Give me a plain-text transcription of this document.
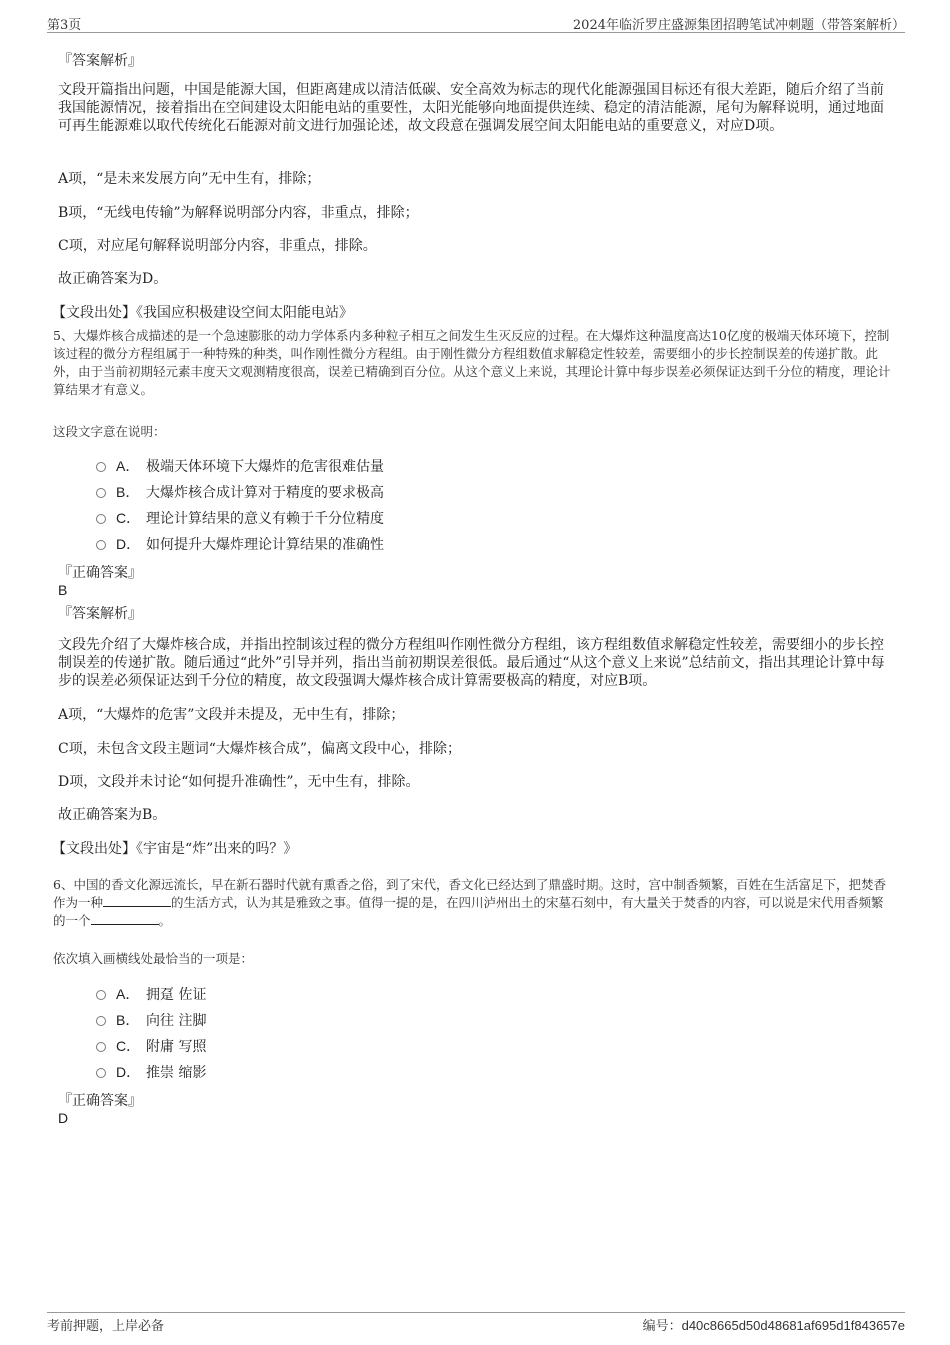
第3页	2024年临沂罗庄盛源集团招聘笔试冲刺题（带答案解析）
『答案解析』
文段开篇指出问题，中国是能源大国，但距离建成以清洁低碳、安全高效为标志的现代化能源强国目标还有很大差距，随后介绍了当前我国能源情况，接着指出在空间建设太阳能电站的重要性，太阳光能够向地面提供连续、稳定的清洁能源，尾句为解释说明，通过地面可再生能源难以取代传统化石能源对前文进行加强论述，故文段意在强调发展空间太阳能电站的重要意义，对应D项。
A项，“是未来发展方向”无中生有，排除；
B项，“无线电传输”为解释说明部分内容，非重点，排除；
C项，对应尾句解释说明部分内容，非重点，排除。
故正确答案为D。
【文段出处】《我国应积极建设空间太阳能电站》
5、大爆炸核合成描述的是一个急速膨胀的动力学体系内多种粒子相互之间发生生灭反应的过程。在大爆炸这种温度高达10亿度的极端天体环境下，控制该过程的微分方程组属于一种特殊的种类，叫作刚性微分方程组。由于刚性微分方程组数值求解稳定性较差，需要细小的步长控制误差的传递扩散。此外，由于当前初期轻元素丰度天文观测精度很高，误差已精确到百分位。从这个意义上来说，其理论计算中每步误差必须保证达到千分位的精度，理论计算结果才有意义。
这段文字意在说明：
A． 极端天体环境下大爆炸的危害很难估量
B． 大爆炸核合成计算对于精度的要求极高
C． 理论计算结果的意义有赖于千分位精度
D． 如何提升大爆炸理论计算结果的准确性
『正确答案』
B
『答案解析』
文段先介绍了大爆炸核合成，并指出控制该过程的微分方程组叫作刚性微分方程组，该方程组数值求解稳定性较差，需要细小的步长控制误差的传递扩散。随后通过“此外”引导并列，指出当前初期误差很低。最后通过“从这个意义上来说”总结前文，指出其理论计算中每步的误差必须保证达到千分位的精度，故文段强调大爆炸核合成计算需要极高的精度，对应B项。
A项，“大爆炸的危害”文段并未提及，无中生有，排除；
C项，未包含文段主题词“大爆炸核合成”，偏离文段中心，排除；
D项，文段并未讨论“如何提升准确性”，无中生有，排除。
故正确答案为B。
【文段出处】《宇宙是“炸”出来的吗？》
6、中国的香文化源远流长，早在新石器时代就有熏香之俗，到了宋代，香文化已经达到了鼎盛时期。这时，宫中制香频繁，百姓在生活富足下，把焚香作为一种	的生活方式，认为其是雅致之事。值得一提的是，在四川泸州出土的宋墓石刻中，有大量关于焚香的内容，可以说是宋代用香频繁的一个	。
依次填入画横线处最恰当的一项是：
A． 拥趸 佐证
B． 向往 注脚
C． 附庸 写照
D． 推崇 缩影
『正确答案』
D
考前押题，上岸必备	编号：d40c8665d50d48681af695d1f843657e
